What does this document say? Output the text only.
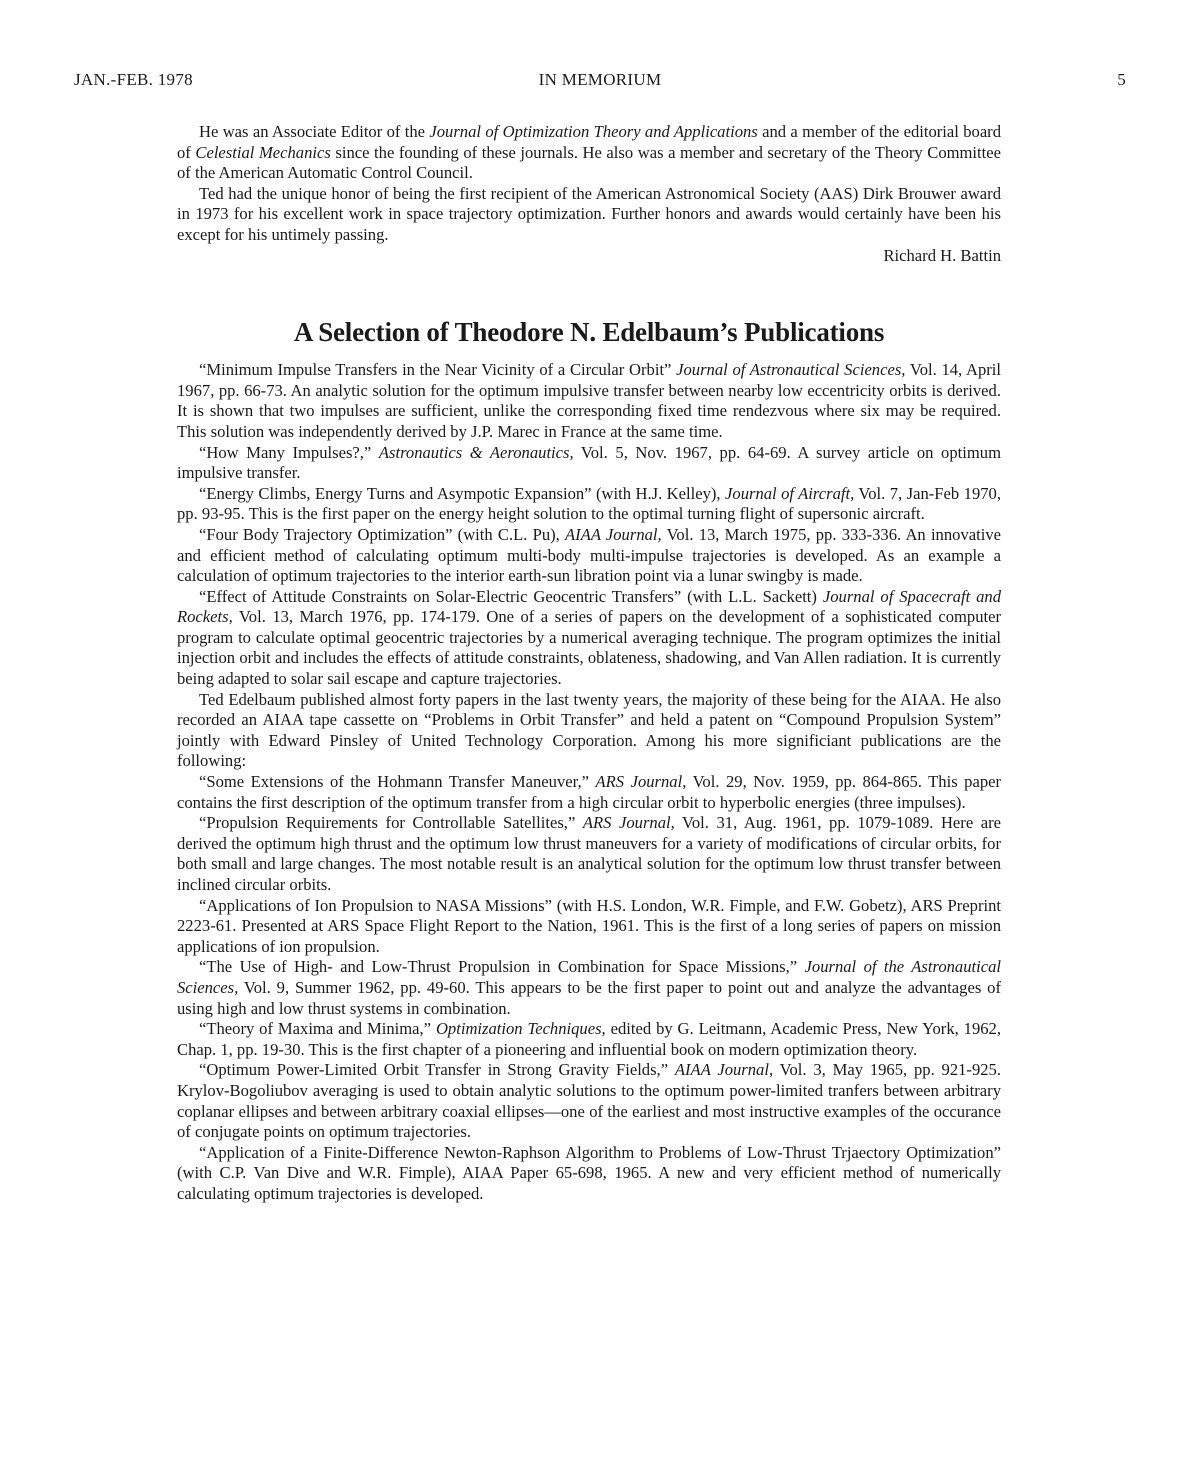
JAN.-FEB. 1978	IN MEMORIUM	5

He was an Associate Editor of the Journal of Optimization Theory and Applications and a member of the editorial board of Celestial Mechanics since the founding of these journals. He also was a member and secretary of the Theory Committee of the American Automatic Control Council.

Ted had the unique honor of being the first recipient of the American Astronomical Society (AAS) Dirk Brouwer award in 1973 for his excellent work in space trajectory optimization. Further honors and awards would certainly have been his except for his untimely passing.

Richard H. Battin

A Selection of Theodore N. Edelbaum’s Publications

“Minimum Impulse Transfers in the Near Vicinity of a Circular Orbit” Journal of Astronautical Sciences, Vol. 14, April 1967, pp. 66-73. An analytic solution for the optimum impulsive transfer between nearby low eccentricity orbits is derived. It is shown that two impulses are sufficient, unlike the corresponding fixed time rendezvous where six may be required. This solution was independently derived by J.P. Marec in France at the same time.

“How Many Impulses?,” Astronautics & Aeronautics, Vol. 5, Nov. 1967, pp. 64-69. A survey article on optimum impulsive transfer.

“Energy Climbs, Energy Turns and Asympotic Expansion” (with H.J. Kelley), Journal of Aircraft, Vol. 7, Jan-Feb 1970, pp. 93-95. This is the first paper on the energy height solution to the optimal turning flight of supersonic aircraft.

“Four Body Trajectory Optimization” (with C.L. Pu), AIAA Journal, Vol. 13, March 1975, pp. 333-336. An innovative and efficient method of calculating optimum multi-body multi-impulse trajectories is developed. As an example a calculation of optimum trajectories to the interior earth-sun libration point via a lunar swingby is made.

“Effect of Attitude Constraints on Solar-Electric Geocentric Transfers” (with L.L. Sackett) Journal of Spacecraft and Rockets, Vol. 13, March 1976, pp. 174-179. One of a series of papers on the development of a sophisticated computer program to calculate optimal geocentric trajectories by a numerical averaging technique. The program optimizes the initial injection orbit and includes the effects of attitude constraints, oblateness, shadowing, and Van Allen radiation. It is currently being adapted to solar sail escape and capture trajectories.

Ted Edelbaum published almost forty papers in the last twenty years, the majority of these being for the AIAA. He also recorded an AIAA tape cassette on “Problems in Orbit Transfer” and held a patent on “Compound Propulsion System” jointly with Edward Pinsley of United Technology Corporation. Among his more significiant publications are the following:

“Some Extensions of the Hohmann Transfer Maneuver,” ARS Journal, Vol. 29, Nov. 1959, pp. 864-865. This paper contains the first description of the optimum transfer from a high circular orbit to hyperbolic energies (three impulses).

“Propulsion Requirements for Controllable Satellites,” ARS Journal, Vol. 31, Aug. 1961, pp. 1079-1089. Here are derived the optimum high thrust and the optimum low thrust maneuvers for a variety of modifications of circular orbits, for both small and large changes. The most notable result is an analytical solution for the optimum low thrust transfer between inclined circular orbits.

“Applications of Ion Propulsion to NASA Missions” (with H.S. London, W.R. Fimple, and F.W. Gobetz), ARS Preprint 2223-61. Presented at ARS Space Flight Report to the Nation, 1961. This is the first of a long series of papers on mission applications of ion propulsion.

“The Use of High- and Low-Thrust Propulsion in Combination for Space Missions,” Journal of the Astronautical Sciences, Vol. 9, Summer 1962, pp. 49-60. This appears to be the first paper to point out and analyze the advantages of using high and low thrust systems in combination.

“Theory of Maxima and Minima,” Optimization Techniques, edited by G. Leitmann, Academic Press, New York, 1962, Chap. 1, pp. 19-30. This is the first chapter of a pioneering and influential book on modern optimization theory.

“Optimum Power-Limited Orbit Transfer in Strong Gravity Fields,” AIAA Journal, Vol. 3, May 1965, pp. 921-925. Krylov-Bogoliubov averaging is used to obtain analytic solutions to the optimum power-limited tranfers between arbitrary coplanar ellipses and between arbitrary coaxial ellipses—one of the earliest and most instructive examples of the occurance of conjugate points on optimum trajectories.

“Application of a Finite-Difference Newton-Raphson Algorithm to Problems of Low-Thrust Trjaectory Optimization” (with C.P. Van Dive and W.R. Fimple), AIAA Paper 65-698, 1965. A new and very efficient method of numerically calculating optimum trajectories is developed.
